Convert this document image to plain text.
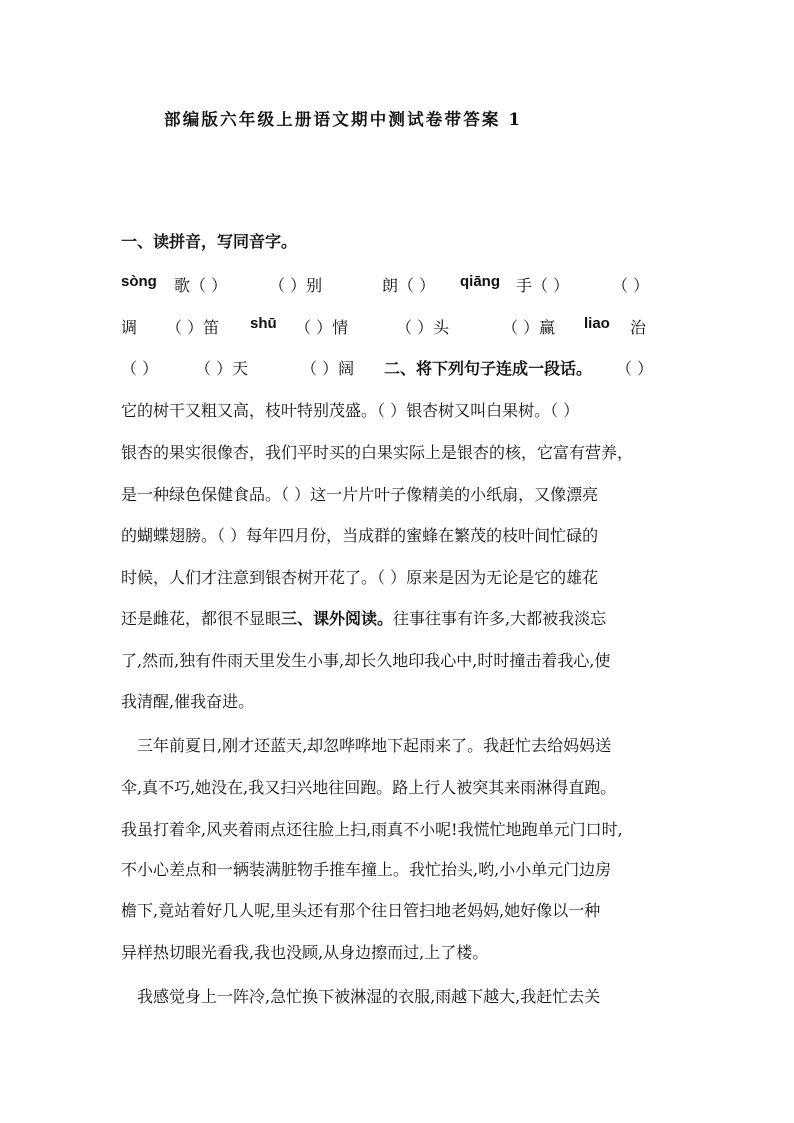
部编版六年级上册语文期中测试卷带答案 1
一、读拼音，写同音字。
sòng 歌（ ）	（ ）别	朗（ ） qiāng 手（ ）	（ ）
调 （ ）笛 shū （ ）情	（ ）头	（ ）赢 liao 治
（ ） （ ）天	（ ）阔 二、将下列句子连成一段话。 （ ）
它的树干又粗又高，枝叶特别茂盛。（ ）银杏树又叫白果树。（ ）
银杏的果实很像杏，我们平时买的白果实际上是银杏的核，它富有营养，
是一种绿色保健食品。（ ）这一片片叶子像精美的小纸扇，又像漂亮
的蝴蝶翅膀。（ ）每年四月份，当成群的蜜蜂在繁茂的枝叶间忙碌的
时候，人们才注意到银杏树开花了。（ ）原来是因为无论是它的雄花
还是雌花，都很不显眼三、课外阅读。往事往事有许多,大都被我淡忘
了,然而,独有件雨天里发生小事,却长久地印我心中,时时撞击着我心,使
我清醒,催我奋进。
　三年前夏日,刚才还蓝天,却忽哗哗地下起雨来了。我赶忙去给妈妈送
伞,真不巧,她没在,我又扫兴地往回跑。路上行人被突其来雨淋得直跑。
我虽打着伞,风夹着雨点还往脸上扫,雨真不小呢!我慌忙地跑单元门口时,
不小心差点和一辆装满脏物手推车撞上。我忙抬头,哟,小小单元门边房
檐下,竟站着好几人呢,里头还有那个往日管扫地老妈妈,她好像以一种
异样热切眼光看我,我也没顾,从身边擦而过,上了楼。
　我感觉身上一阵冷,急忙换下被淋湿的衣服,雨越下越大,我赶忙去关
